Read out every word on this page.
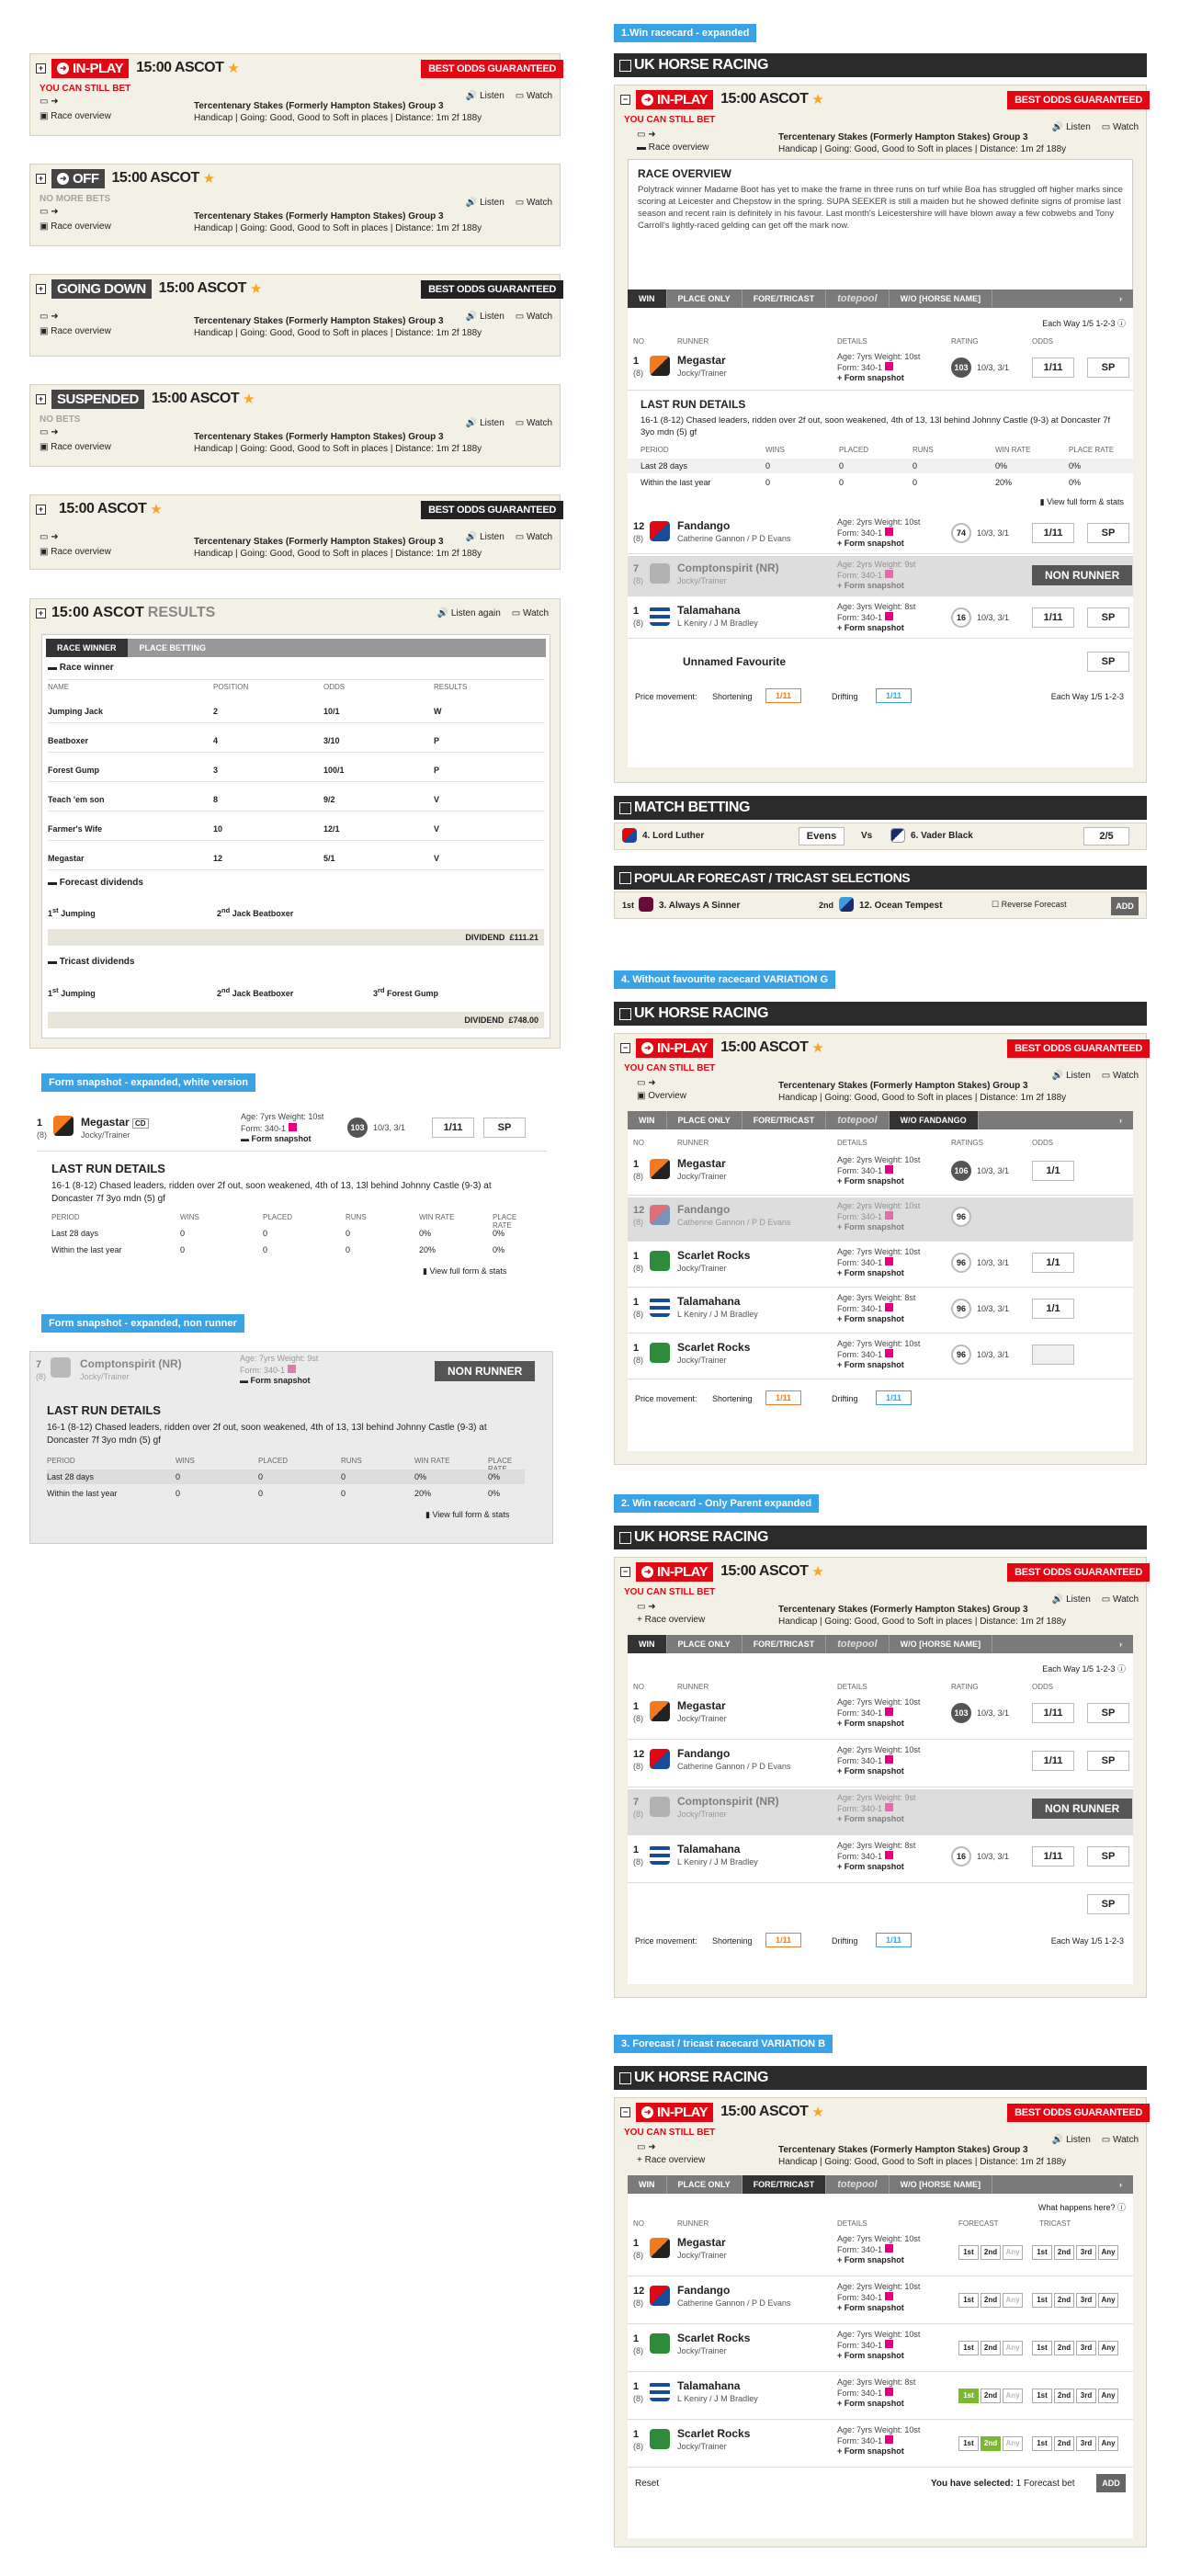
+	➜ IN-PLAY 15:00 ASCOT ★	BEST ODDS GUARANTEED
YOU CAN STILL BET
🔊 Listen ▭ Watch
▭ ➜
▣ Race overview
Tercentenary Stakes (Formerly Hampton Stakes) Group 3
Handicap | Going: Good, Good to Soft in places | Distance: 1m 2f 188y
+	➜ OFF 15:00 ASCOT ★
NO MORE BETS	🔊 Listen ▭ Watch
▭ ➜
▣ Race overview
Tercentenary Stakes (Formerly Hampton Stakes) Group 3
Handicap | Going: Good, Good to Soft in places | Distance: 1m 2f 188y
+ GOING DOWN 15:00 ASCOT ★	BEST ODDS GUARANTEED
🔊 Listen ▭ Watch
▭ ➜
▣ Race overview
Tercentenary Stakes (Formerly Hampton Stakes) Group 3
Handicap | Going: Good, Good to Soft in places | Distance: 1m 2f 188y
+ SUSPENDED 15:00 ASCOT ★
NO BETS	🔊 Listen ▭ Watch
▭ ➜
▣ Race overview
Tercentenary Stakes (Formerly Hampton Stakes) Group 3
Handicap | Going: Good, Good to Soft in places | Distance: 1m 2f 188y
+ 15:00 ASCOT ★	BEST ODDS GUARANTEED
🔊 Listen ▭ Watch
▭ ➜
▣ Race overview
Tercentenary Stakes (Formerly Hampton Stakes) Group 3
Handicap | Going: Good, Good to Soft in places | Distance: 1m 2f 188y
+ 15:00 ASCOT RESULTS	🔊 Listen again ▭ Watch
RACE WINNER	PLACE BETTING
▬ Race winner
NAME	POSITION	ODDS	RESULTS
Jumping Jack	2	10/1	W
Beatboxer	4	3/10	P
Forest Gump	3	100/1	P
Teach 'em son	8	9/2	V
Farmer's Wife	10	12/1	V
Megastar	12	5/1	V
▬ Forecast dividends
1st Jumping	2nd Jack Beatboxer
DIVIDEND £111.21
▬ Tricast dividends
1st Jumping	2nd Jack Beatboxer	3rd Forest Gump
DIVIDEND £748.00
Form snapshot - expanded, white version
1
(8)
Megastar CD
Jocky/Trainer
Age: 7yrs Weight: 10st
Form: 340-1
▬ Form snapshot
103	10/3, 3/1	1/11	SP
LAST RUN DETAILS
16-1 (8-12) Chased leaders, ridden over 2f out, soon weakened, 4th of 13, 13l behind Johnny Castle (9-3) at Doncaster 7f 3yo mdn (5) gf
PERIOD	WINS	PLACED	RUNS	WIN RATE	PLACE RATE
Last 28 days	0	0	0	0%	0%
Within the last year	0	0	0	20%	0%
▮ View full form & stats
Form snapshot - expanded, non runner
7
(8)
Comptonspirit (NR)
Jocky/Trainer
Age: 7yrs Weight: 9st
Form: 340-1
▬ Form snapshot
NON RUNNER
LAST RUN DETAILS
16-1 (8-12) Chased leaders, ridden over 2f out, soon weakened, 4th of 13, 13l behind Johnny Castle (9-3) at Doncaster 7f 3yo mdn (5) gf
PERIOD	WINS	PLACED	RUNS	WIN RATE	PLACE
Last 28 days	0	0	0	0%	0%
Within the last year	0	0	0	20%	0%
▮ View full form & stats
1.Win racecard - expanded
UK HORSE RACING
−	➜ IN-PLAY 15:00 ASCOT ★	BEST ODDS GUARANTEED
YOU CAN STILL BET
🔊 Listen ▭ Watch
▭ ➜
▬ Race overview
Tercentenary Stakes (Formerly Hampton Stakes) Group 3
Handicap | Going: Good, Good to Soft in places | Distance: 1m 2f 188y
RACE OVERVIEW
Polytrack winner Madame Boot has yet to make the frame in three runs on turf while Boa has struggled off higher marks since scoring at Leicester and Chepstow in the spring. SUPA SEEKER is still a maiden but he showed definite signs of promise last season and recent rain is definitely in his favour. Last month's Leicestershire will have blown away a few cobwebs and Tony Carroll's lightly-raced gelding can get off the mark now.
WIN	PLACE ONLY	FORE/TRICAST	totepool	W/O [HORSE NAME]	›
Each Way 1/5 1-2-3 ⓘ
NO	RUNNER	DETAILS	RATING	ODDS
1
(8)
Megastar
Jocky/Trainer
Age: 7yrs Weight: 10st
Form: 340-1
+ Form snapshot
103	10/3, 3/1	1/11	SP
LAST RUN DETAILS
16-1 (8-12) Chased leaders, ridden over 2f out, soon weakened, 4th of 13, 13l behind Johnny Castle (9-3) at Doncaster 7f 3yo mdn (5) gf
PERIOD	WINS	PLACED	RUNS	WIN RATE	PLACE RATE
Last 28 days	0	0	0	0%	0%
Within the last year	0	0	0	20%	0%
▮ View full form & stats
12
(8)
Fandango
Catherine Gannon / P D Evans
Age: 2yrs Weight: 10st
Form: 340-1
+ Form snapshot
74	10/3, 3/1	1/11	SP
7
(8)
Comptonspirit (NR)
Jocky/Trainer
Age: 2yrs Weight: 9st
Form: 340-1
+ Form snapshot
NON RUNNER
1
(8)
Talamahana
L Keniry / J M Bradley
Age: 3yrs Weight: 8st
Form: 340-1
+ Form snapshot
16	10/3, 3/1	1/11	SP
Unnamed Favourite	SP
Price movement: Shortening	1/11	Drifting	1/11	Each Way 1/5 1-2-3
MATCH BETTING
4. Lord Luther	Evens	Vs	6. Vader Black	2/5
POPULAR FORECAST / TRICAST SELECTIONS
1st	3. Always A Sinner	2nd	12. Ocean Tempest	☐ Reverse Forecast	ADD
4. Without favourite racecard VARIATION G
UK HORSE RACING
−	➜ IN-PLAY 15:00 ASCOT ★	BEST ODDS GUARANTEED
YOU CAN STILL BET
🔊 Listen ▭ Watch
▭ ➜
▣ Overview
Tercentenary Stakes (Formerly Hampton Stakes) Group 3
Handicap | Going: Good, Good to Soft in places | Distance: 1m 2f 188y
WIN	PLACE ONLY	FORE/TRICAST	totepool	W/O FANDANGO	›
NO	RUNNER	DETAILS	RATINGS	ODDS
1
(8)
Megastar
Jocky/Trainer
Age: 2yrs Weight: 10st
Form: 340-1
+ Form snapshot
106	10/3, 3/1	1/1
12
(8)
Fandango
Catherine Gannon / P D Evans
Age: 2yrs Weight: 10st
Form: 340-1
+ Form snapshot
96
1
(8)
Scarlet Rocks
Jocky/Trainer
Age: 7yrs Weight: 10st
Form: 340-1
+ Form snapshot
96	10/3, 3/1	1/1
1
(8)
Talamahana
L Keniry / J M Bradley
Age: 3yrs Weight: 8st
Form: 340-1
+ Form snapshot
96	10/3, 3/1	1/1
1
(8)
Scarlet Rocks
Jocky/Trainer
Age: 7yrs Weight: 10st
Form: 340-1
+ Form snapshot
96	10/3, 3/1
Price movement: Shortening	1/11	Drifting	1/11
2. Win racecard - Only Parent expanded
UK HORSE RACING
−	➜ IN-PLAY 15:00 ASCOT ★	BEST ODDS GUARANTEED
YOU CAN STILL BET
🔊 Listen ▭ Watch
▭ ➜
+ Race overview
Tercentenary Stakes (Formerly Hampton Stakes) Group 3
Handicap | Going: Good, Good to Soft in places | Distance: 1m 2f 188y
WIN	PLACE ONLY	FORE/TRICAST	totepool	W/O [HORSE NAME]	›
Each Way 1/5 1-2-3 ⓘ
NO	RUNNER	DETAILS	RATING	ODDS
1
(8)
Megastar
Jocky/Trainer
Age: 7yrs Weight: 10st
Form: 340-1
+ Form snapshot
103	10/3, 3/1	1/11	SP
12
(8)
Fandango
Catherine Gannon / P D Evans
Age: 2yrs Weight: 10st
Form: 340-1
+ Form snapshot
1/11	SP
7
(8)
Comptonspirit (NR)
Jocky/Trainer
Age: 2yrs Weight: 9st
Form: 340-1
+ Form snapshot
NON RUNNER
1
(8)
Talamahana
L Keniry / J M Bradley
Age: 3yrs Weight: 8st
Form: 340-1
+ Form snapshot
16	10/3, 3/1	1/11	SP
SP
Price movement: Shortening	1/11	Drifting	1/11	Each Way 1/5 1-2-3
3. Forecast / tricast racecard VARIATION B
UK HORSE RACING
−	➜ IN-PLAY 15:00 ASCOT ★	BEST ODDS GUARANTEED
YOU CAN STILL BET
🔊 Listen ▭ Watch
▭ ➜
+ Race overview
Tercentenary Stakes (Formerly Hampton Stakes) Group 3
Handicap | Going: Good, Good to Soft in places | Distance: 1m 2f 188y
WIN	PLACE ONLY	FORE/TRICAST	totepool	W/O [HORSE NAME]	›
What happens here? ⓘ
NO	RUNNER	DETAILS	FORECAST	TRICAST
1
(8)
Megastar
Jocky/Trainer
Age: 7yrs Weight: 10st
Form: 340-1
+ Form snapshot
1st	2nd	Any	1st	2nd	3rd	Any
12
(8)
Fandango
Catherine Gannon / P D Evans
Age: 2yrs Weight: 10st
Form: 340-1
+ Form snapshot
1st	2nd	Any	1st	2nd	3rd	Any
1
(8)
Scarlet Rocks
Jocky/Trainer
Age: 7yrs Weight: 10st
Form: 340-1
+ Form snapshot
1st	2nd	Any	1st	2nd	3rd	Any
1
(8)
Talamahana
L Keniry / J M Bradley
Age: 3yrs Weight: 8st
Form: 340-1
+ Form snapshot
1st	2nd	Any	1st	2nd	3rd	Any
1
(8)
Scarlet Rocks
Jocky/Trainer
Age: 7yrs Weight: 10st
Form: 340-1
+ Form snapshot
1st	2nd	Any	1st	2nd	3rd	Any
Reset	You have selected: 1 Forecast bet	ADD
